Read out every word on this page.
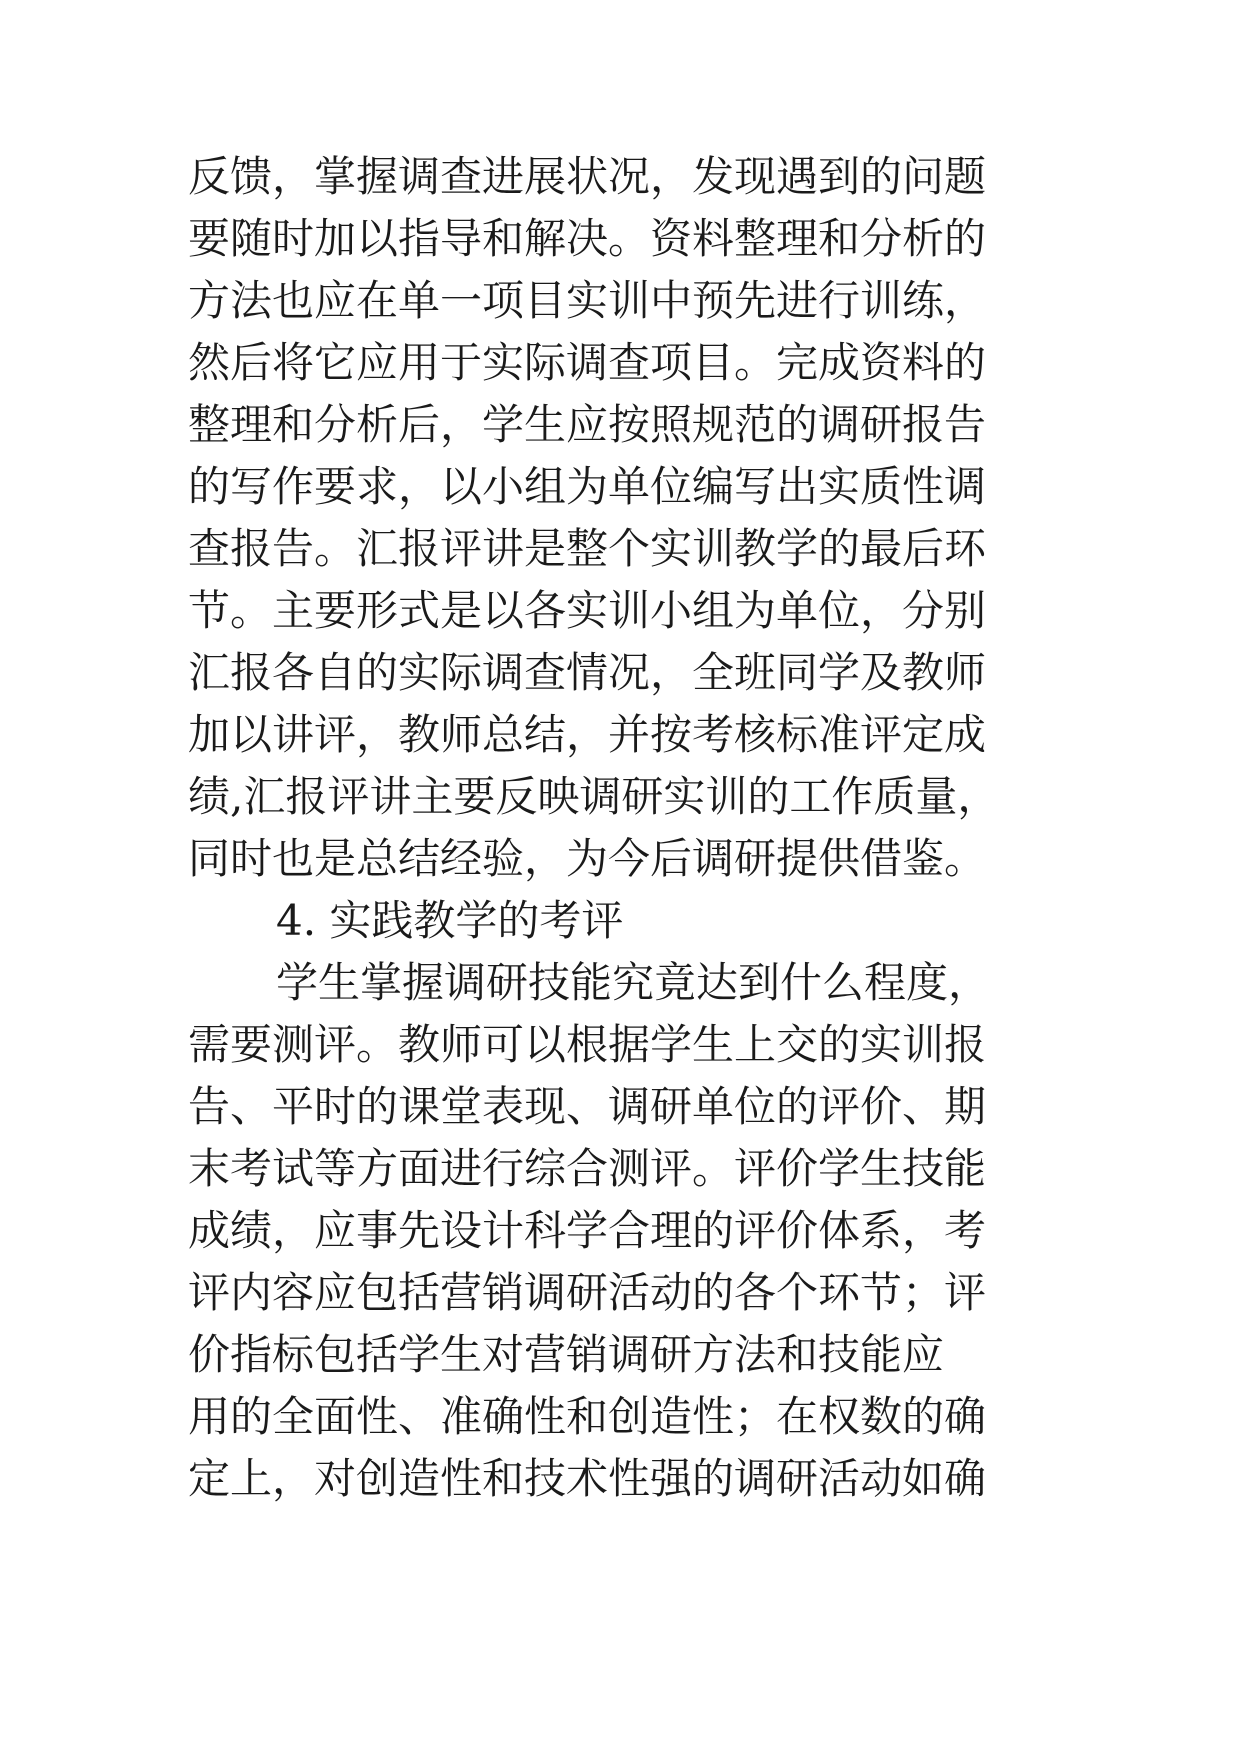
反馈，掌握调查进展状况，发现遇到的问题
要随时加以指导和解决。资料整理和分析的
方法也应在单一项目实训中预先进行训练，
然后将它应用于实际调查项目。完成资料的
整理和分析后，学生应按照规范的调研报告
的写作要求，以小组为单位编写出实质性调
查报告。汇报评讲是整个实训教学的最后环
节。主要形式是以各实训小组为单位，分别
汇报各自的实际调查情况，全班同学及教师
加以讲评，教师总结，并按考核标准评定成
绩,汇报评讲主要反映调研实训的工作质量，
同时也是总结经验，为今后调研提供借鉴。
4. 实践教学的考评
学生掌握调研技能究竟达到什么程度，
需要测评。教师可以根据学生上交的实训报
告、平时的课堂表现、调研单位的评价、期
末考试等方面进行综合测评。评价学生技能
成绩，应事先设计科学合理的评价体系，考
评内容应包括营销调研活动的各个环节；评
价指标包括学生对营销调研方法和技能应
用的全面性、准确性和创造性；在权数的确
定上，对创造性和技术性强的调研活动如确
